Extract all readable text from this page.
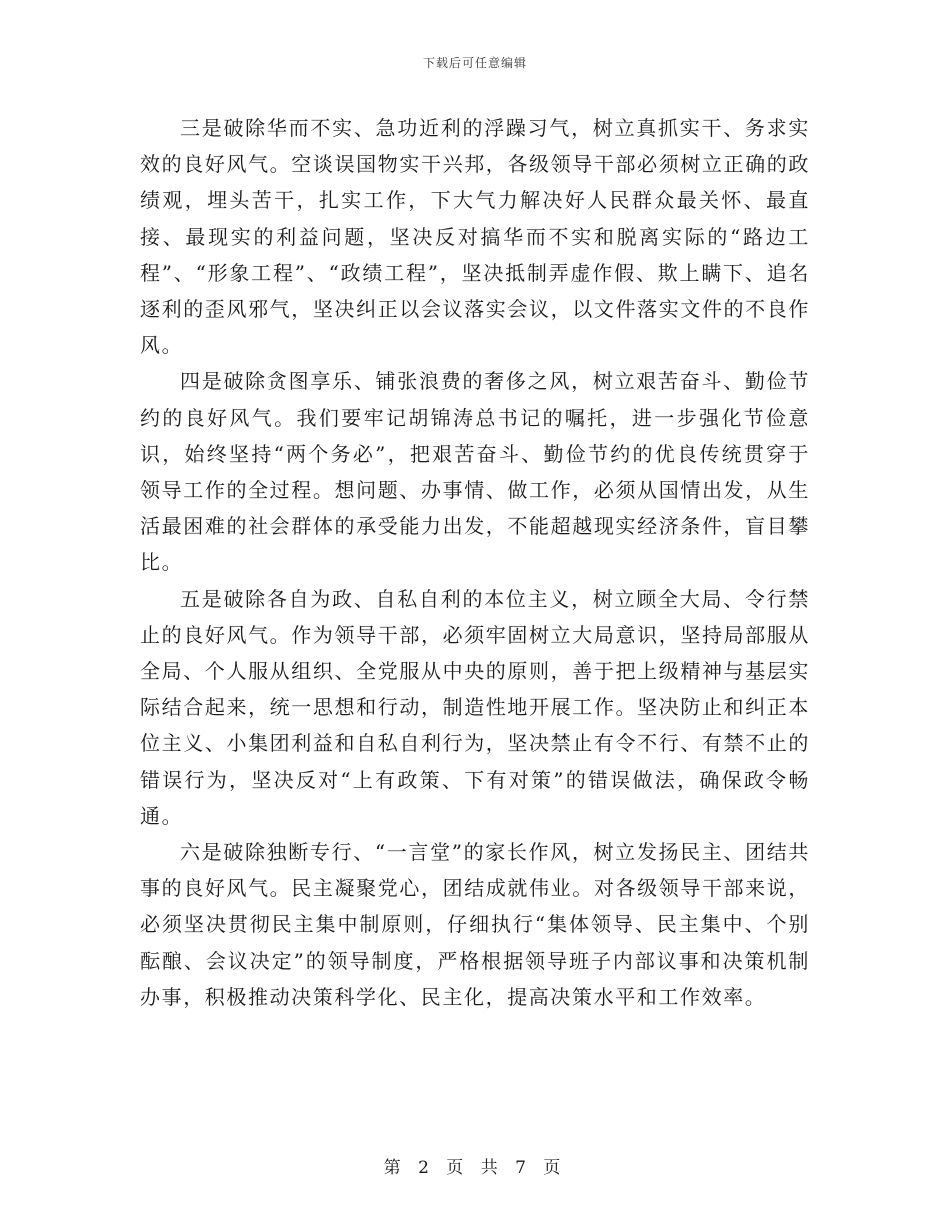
下载后可任意编辑

三是破除华而不实、急功近利的浮躁习气，树立真抓实干、务求实效的良好风气。空谈误国物实干兴邦，各级领导干部必须树立正确的政绩观，埋头苦干，扎实工作，下大气力解决好人民群众最关怀、最直接、最现实的利益问题，坚决反对搞华而不实和脱离实际的“路边工程”、“形象工程”、“政绩工程”，坚决抵制弄虚作假、欺上瞒下、追名逐利的歪风邪气，坚决纠正以会议落实会议，以文件落实文件的不良作风。

四是破除贪图享乐、铺张浪费的奢侈之风，树立艰苦奋斗、勤俭节约的良好风气。我们要牢记胡锦涛总书记的嘱托，进一步强化节俭意识，始终坚持“两个务必”，把艰苦奋斗、勤俭节约的优良传统贯穿于领导工作的全过程。想问题、办事情、做工作，必须从国情出发，从生活最困难的社会群体的承受能力出发，不能超越现实经济条件，盲目攀比。

五是破除各自为政、自私自利的本位主义，树立顾全大局、令行禁止的良好风气。作为领导干部，必须牢固树立大局意识，坚持局部服从全局、个人服从组织、全党服从中央的原则，善于把上级精神与基层实际结合起来，统一思想和行动，制造性地开展工作。坚决防止和纠正本位主义、小集团利益和自私自利行为，坚决禁止有令不行、有禁不止的错误行为，坚决反对“上有政策、下有对策”的错误做法，确保政令畅通。

六是破除独断专行、“一言堂”的家长作风，树立发扬民主、团结共事的良好风气。民主凝聚党心，团结成就伟业。对各级领导干部来说，必须坚决贯彻民主集中制原则，仔细执行“集体领导、民主集中、个别酝酿、会议决定”的领导制度，严格根据领导班子内部议事和决策机制办事，积极推动决策科学化、民主化，提高决策水平和工作效率。

第 2 页 共 7 页
